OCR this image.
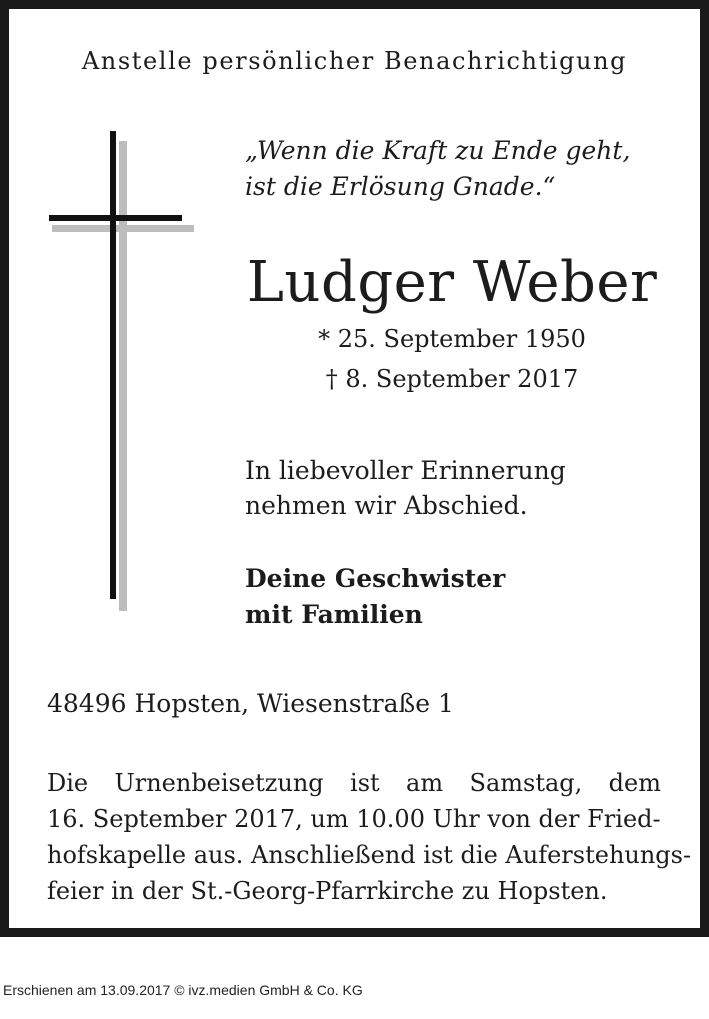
Anstelle persönlicher Benachrichtigung
„Wenn die Kraft zu Ende geht,
ist die Erlösung Gnade.“
Ludger Weber
* 25. September 1950
† 8. September 2017
In liebevoller Erinnerung
nehmen wir Abschied.
Deine Geschwister
mit Familien
48496 Hopsten, Wiesenstraße 1
Die Urnenbeisetzung ist am Samstag, dem
16. September 2017, um 10.00 Uhr von der Fried-
hofskapelle aus. Anschließend ist die Auferstehungs-
feier in der St.-Georg-Pfarrkirche zu Hopsten.
Erschienen am 13.09.2017 © ivz.medien GmbH & Co. KG
